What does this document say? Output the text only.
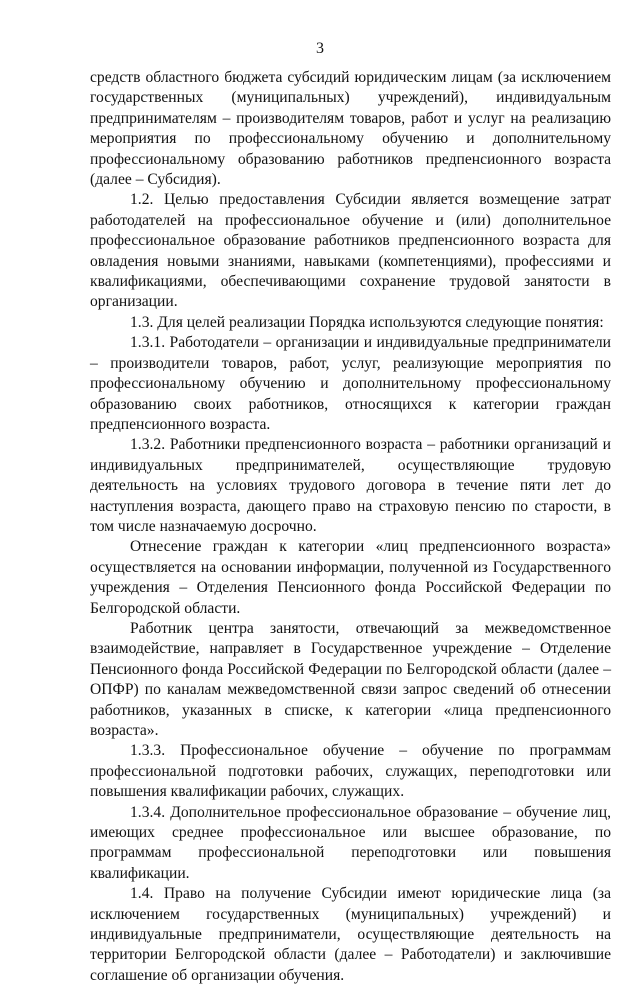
3

средств областного бюджета субсидий юридическим лицам (за исключением государственных (муниципальных) учреждений), индивидуальным предпринимателям – производителям товаров, работ и услуг на реализацию мероприятия по профессиональному обучению и дополнительному профессиональному образованию работников предпенсионного возраста (далее – Субсидия).

1.2. Целью предоставления Субсидии является возмещение затрат работодателей на профессиональное обучение и (или) дополнительное профессиональное образование работников предпенсионного возраста для овладения новыми знаниями, навыками (компетенциями), профессиями и квалификациями, обеспечивающими сохранение трудовой занятости в организации.

1.3. Для целей реализации Порядка используются следующие понятия:

1.3.1. Работодатели – организации и индивидуальные предприниматели – производители товаров, работ, услуг, реализующие мероприятия по профессиональному обучению и дополнительному профессиональному образованию своих работников, относящихся к категории граждан предпенсионного возраста.

1.3.2. Работники предпенсионного возраста – работники организаций и индивидуальных предпринимателей, осуществляющие трудовую деятельность на условиях трудового договора в течение пяти лет до наступления возраста, дающего право на страховую пенсию по старости, в том числе назначаемую досрочно.

Отнесение граждан к категории «лиц предпенсионного возраста» осуществляется на основании информации, полученной из Государственного учреждения – Отделения Пенсионного фонда Российской Федерации по Белгородской области.

Работник центра занятости, отвечающий за межведомственное взаимодействие, направляет в Государственное учреждение – Отделение Пенсионного фонда Российской Федерации по Белгородской области (далее – ОПФР) по каналам межведомственной связи запрос сведений об отнесении работников, указанных в списке, к категории «лица предпенсионного возраста».

1.3.3. Профессиональное обучение – обучение по программам профессиональной подготовки рабочих, служащих, переподготовки или повышения квалификации рабочих, служащих.

1.3.4. Дополнительное профессиональное образование – обучение лиц, имеющих среднее профессиональное или высшее образование, по программам профессиональной переподготовки или повышения квалификации.

1.4. Право на получение Субсидии имеют юридические лица (за исключением государственных (муниципальных) учреждений) и индивидуальные предприниматели, осуществляющие деятельность на территории Белгородской области (далее – Работодатели) и заключившие соглашение об организации обучения.
